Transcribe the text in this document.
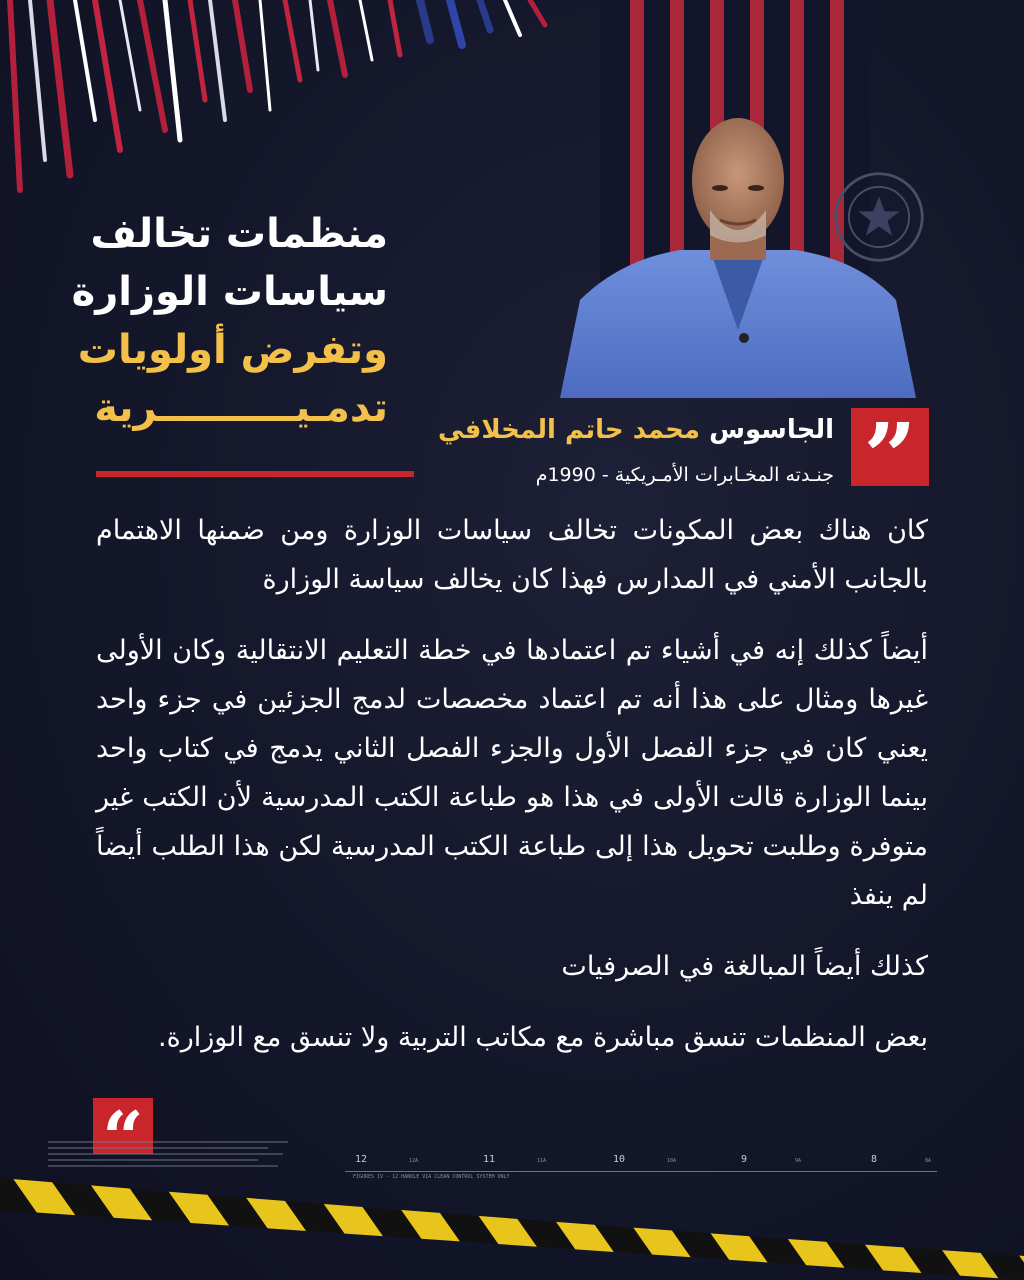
منظمات تخالف
سياسات الوزارة
وتفرض أولويات
تدمـيــــــــــرية	”
الجاسوس محمد حاتم المخلافي
جنـدته المخـابرات الأمـريكية - 1990م

كان هناك بعض المكونات تخالف سياسات الوزارة ومن ضمنها الاهتمام بالجانب الأمني في المدارس فهذا كان يخالف سياسة الوزارة

أيضاً كذلك إنه في أشياء تم اعتمادها في خطة التعليم الانتقالية وكان الأولى غيرها ومثال على هذا أنه تم اعتماد مخصصات لدمج الجزئين في جزء واحد يعني كان في جزء الفصل الأول والجزء الفصل الثاني يدمج في كتاب واحد بينما الوزارة قالت الأولى في هذا هو طباعة الكتب المدرسية لأن الكتب غير متوفرة وطلبت تحويل هذا إلى طباعة الكتب المدرسية لكن هذا الطلب أيضاً لم ينفذ

كذلك أيضاً المبالغة في الصرفيات

بعض المنظمات تنسق مباشرة مع مكاتب التربية ولا تنسق مع الوزارة.

“	12	12A	11	11A	10	10A	9	9A	8	8A
FIGURES IV - 12 HANDLE VIA CLEAN CONTROL SYSTEM ONLY
